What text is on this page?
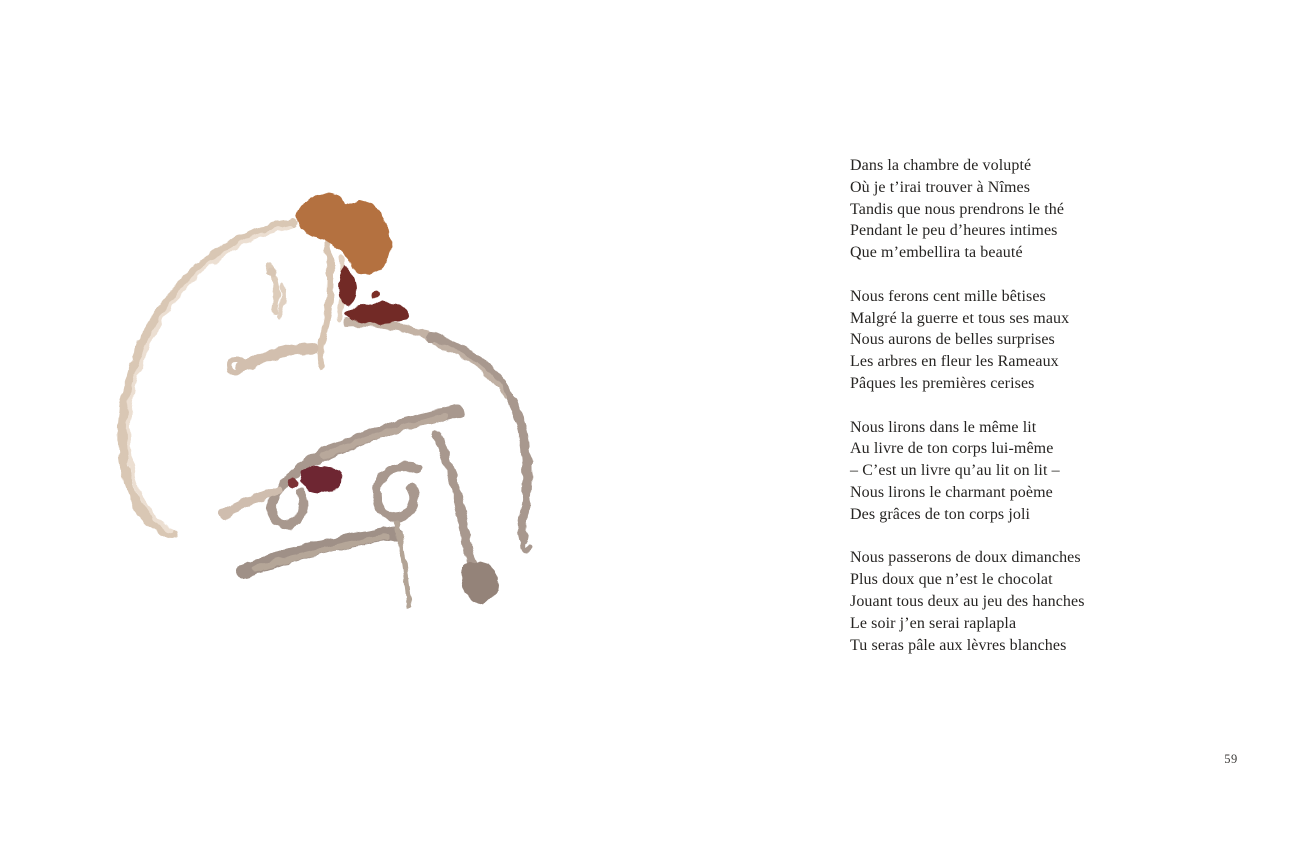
Dans la chambre de volupté
Où je t’irai trouver à Nîmes
Tandis que nous prendrons le thé
Pendant le peu d’heures intimes
Que m’embellira ta beauté
Nous ferons cent mille bêtises
Malgré la guerre et tous ses maux
Nous aurons de belles surprises
Les arbres en fleur les Rameaux
Pâques les premières cerises
Nous lirons dans le même lit
Au livre de ton corps lui-même
– C’est un livre qu’au lit on lit –
Nous lirons le charmant poème
Des grâces de ton corps joli
Nous passerons de doux dimanches
Plus doux que n’est le chocolat
Jouant tous deux au jeu des hanches
Le soir j’en serai raplapla
Tu seras pâle aux lèvres blanches
59
